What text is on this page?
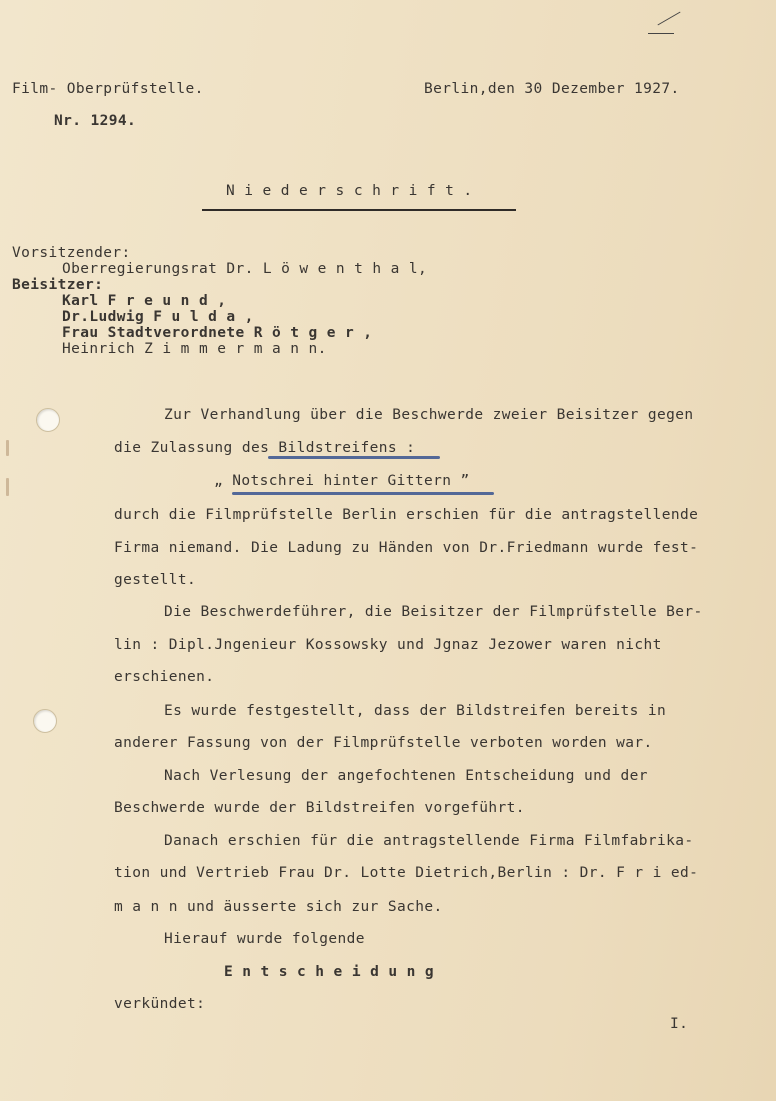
Film- Oberprüfstelle.	Berlin,den 30 Dezember 1927.
Nr. 1294.
N i e d e r s c h r i f t .
Vorsitzender:
Oberregierungsrat Dr. L ö w e n t h a l,
Beisitzer:
Karl F r e u n d ,
Dr.Ludwig F u l d a ,
Frau Stadtverordnete R ö t g e r ,
Heinrich Z i m m e r m a n n.
Zur Verhandlung über die Beschwerde zweier Beisitzer gegen
die Zulassung des Bildstreifens :
„ Notschrei hinter Gittern ”
durch die Filmprüfstelle Berlin erschien für die antragstellende
Firma niemand. Die Ladung zu Händen von Dr.Friedmann wurde fest-
gestellt.
Die Beschwerdeführer, die Beisitzer der Filmprüfstelle Ber-
lin : Dipl.Jngenieur Kossowsky und Jgnaz Jezower waren nicht
erschienen.
Es wurde festgestellt, dass der Bildstreifen bereits in
anderer Fassung von der Filmprüfstelle verboten worden war.
Nach Verlesung der angefochtenen Entscheidung und der
Beschwerde wurde der Bildstreifen vorgeführt.
Danach erschien für die antragstellende Firma Filmfabrika-
tion und Vertrieb Frau Dr. Lotte Dietrich,Berlin : Dr. F r i ed-
m a n n und äusserte sich zur Sache.
Hierauf wurde folgende
E n t s c h e i d u n g
verkündet:
I.
